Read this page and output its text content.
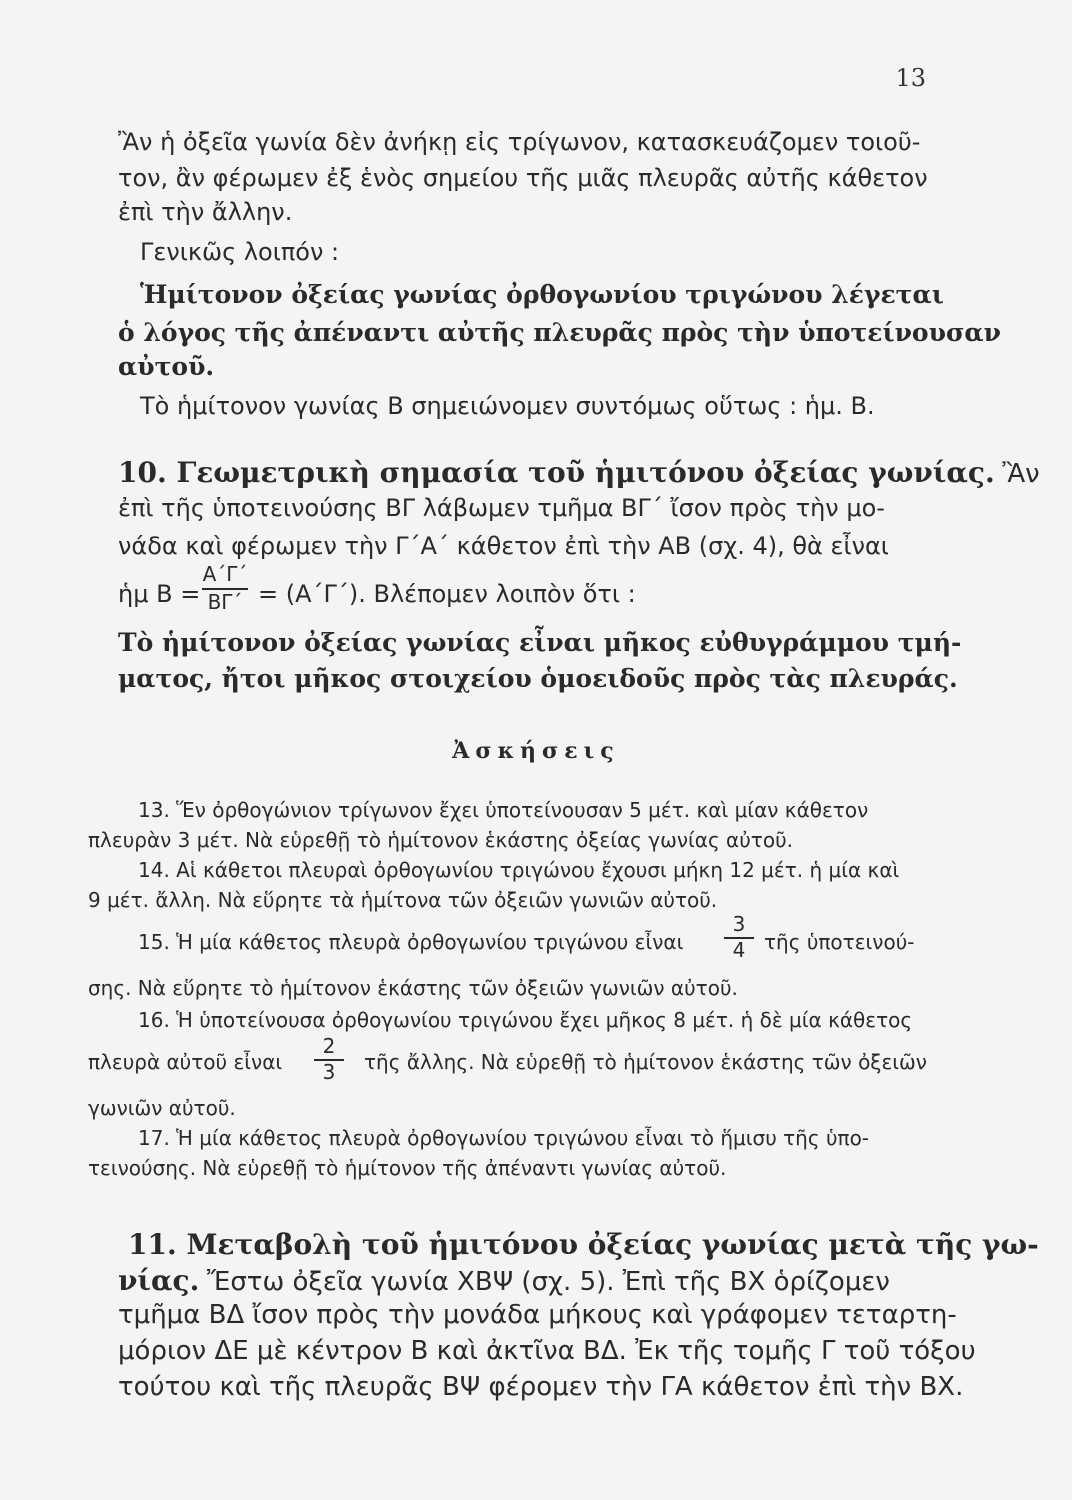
13
Ἂν ἡ ὀξεῖα γωνία δὲν ἀνήκῃ εἰς τρίγωνον, κατασκευάζομεν τοιοῦ-
τον, ἂν φέρωμεν ἐξ ἑνὸς σημείου τῆς μιᾶς πλευρᾶς αὐτῆς κάθετον
ἐπὶ τὴν ἄλλην.
Γενικῶς λοιπόν :
Ἡμίτονον ὀξείας γωνίας ὀρθογωνίου τριγώνου λέγεται
ὁ λόγος τῆς ἀπέναντι αὐτῆς πλευρᾶς πρὸς τὴν ὑποτείνουσαν
αὐτοῦ.
Τὸ ἡμίτονον γωνίας Β σημειώνομεν συντόμως οὕτως : ἡμ. Β.
10. Γεωμετρικὴ σημασία τοῦ ἡμιτόνου ὀξείας γωνίας. Ἂν
ἐπὶ τῆς ὑποτεινούσης ΒΓ λάβωμεν τμῆμα ΒΓ΄ ἴσον πρὸς τὴν μο-
νάδα καὶ φέρωμεν τὴν Γ΄Α΄ κάθετον ἐπὶ τὴν ΑΒ (σχ. 4), θὰ εἶναι
ἡμ Β =
Α΄Γ΄
ΒΓ΄ = (Α΄Γ΄). Βλέπομεν λοιπὸν ὅτι :
Τὸ ἡμίτονον ὀξείας γωνίας εἶναι μῆκος εὐθυγράμμου τμή-
ματος, ἤτοι μῆκος στοιχείου ὁμοειδοῦς πρὸς τὰς πλευράς.
Ἀσκήσεις
13. Ἕν ὀρθογώνιον τρίγωνον ἔχει ὑποτείνουσαν 5 μέτ. καὶ μίαν κάθετον
πλευρὰν 3 μέτ. Νὰ εὑρεθῇ τὸ ἡμίτονον ἑκάστης ὀξείας γωνίας αὐτοῦ.
14. Αἱ κάθετοι πλευραὶ ὀρθογωνίου τριγώνου ἔχουσι μήκη 12 μέτ. ἡ μία καὶ
9 μέτ. ἄλλη. Νὰ εὕρητε τὰ ἡμίτονα τῶν ὀξειῶν γωνιῶν αὐτοῦ.
15. Ἡ μία κάθετος πλευρὰ ὀρθογωνίου τριγώνου εἶναι
3
4 τῆς ὑποτεινού-
σης. Νὰ εὕρητε τὸ ἡμίτονον ἑκάστης τῶν ὀξειῶν γωνιῶν αὐτοῦ.
16. Ἡ ὑποτείνουσα ὀρθογωνίου τριγώνου ἔχει μῆκος 8 μέτ. ἡ δὲ μία κάθετος
πλευρὰ αὐτοῦ εἶναι
2
3	τῆς ἄλλης. Νὰ εὑρεθῇ τὸ ἡμίτονον ἑκάστης τῶν ὀξειῶν
γωνιῶν αὐτοῦ.
17. Ἡ μία κάθετος πλευρὰ ὀρθογωνίου τριγώνου εἶναι τὸ ἥμισυ τῆς ὑπο-
τεινούσης. Νὰ εὑρεθῇ τὸ ἡμίτονον τῆς ἀπέναντι γωνίας αὐτοῦ.
11. Μεταβολὴ τοῦ ἡμιτόνου ὀξείας γωνίας μετὰ τῆς γω-
νίας. Ἔστω ὀξεῖα γωνία ΧΒΨ (σχ. 5). Ἐπὶ τῆς ΒΧ ὁρίζομεν
τμῆμα ΒΔ ἴσον πρὸς τὴν μονάδα μήκους καὶ γράφομεν τεταρτη-
μόριον ΔΕ μὲ κέντρον Β καὶ ἀκτῖνα ΒΔ. Ἐκ τῆς τομῆς Γ τοῦ τόξου
τούτου καὶ τῆς πλευρᾶς ΒΨ φέρομεν τὴν ΓΑ κάθετον ἐπὶ τὴν ΒΧ.
